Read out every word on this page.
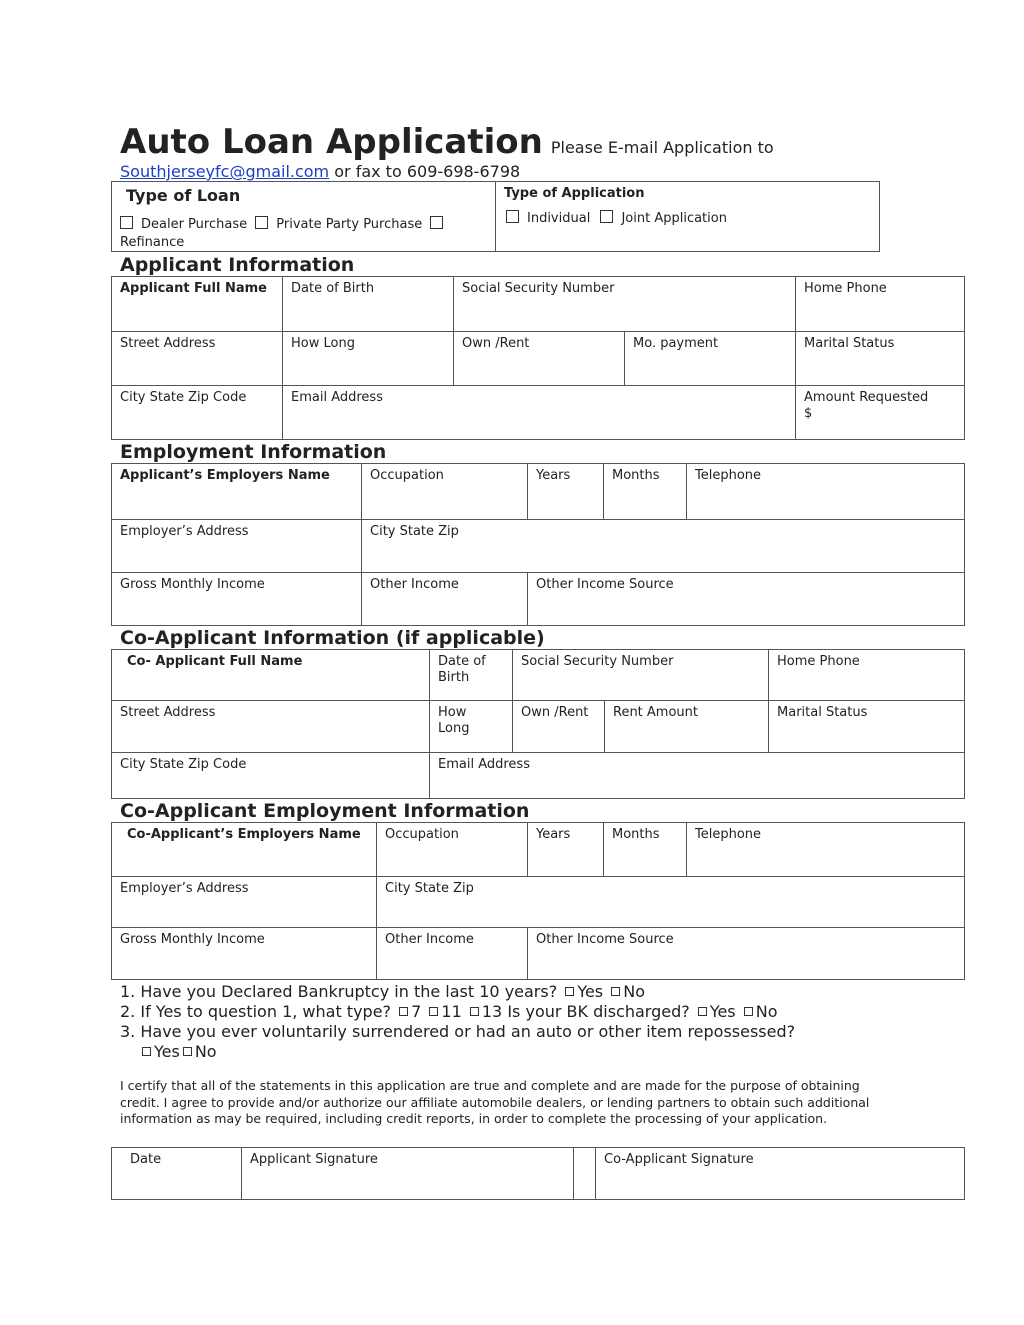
Auto Loan Application Please E-mail Application to
Southjerseyfc@gmail.com or fax to 609-698-6798
Type of Loan
Dealer Purchase Private Party Purchase
Refinance

Type of Application
Individual Joint Application
Applicant Information
Applicant Full Name	Date of Birth	Social Security Number		Home Phone
Street Address	How Long	Own /Rent	Mo. payment	Marital Status
City State Zip Code	Email Address			Amount Requested
$
Employment Information
Applicant’s Employers Name	Occupation	Years	Months	Telephone
Employer’s Address	City State Zip			
Gross Monthly Income	Other Income	Other Income Source		
Co-Applicant Information (if applicable)
Co- Applicant Full Name	Date of Birth	Social Security Number		Home Phone
Street Address	How Long	Own /Rent	Rent Amount	Marital Status
City State Zip Code	Email Address			
Co-Applicant Employment Information
Co-Applicant’s Employers Name	Occupation	Years	Months	Telephone
Employer’s Address	City State Zip			
Gross Monthly Income	Other Income	Other Income Source		
1. Have you Declared Bankruptcy in the last 10 years? Yes No
2. If Yes to question 1, what type? 7 11 13 Is your BK discharged? Yes No
3. Have you ever voluntarily surrendered or had an auto or other item repossessed?
Yes No
I certify that all of the statements in this application are true and complete and are made for the purpose of obtaining credit. I agree to provide and/or authorize our affiliate automobile dealers, or lending partners to obtain such additional information as may be required, including credit reports, in order to complete the processing of your application.
Date	Applicant Signature		Co-Applicant Signature
